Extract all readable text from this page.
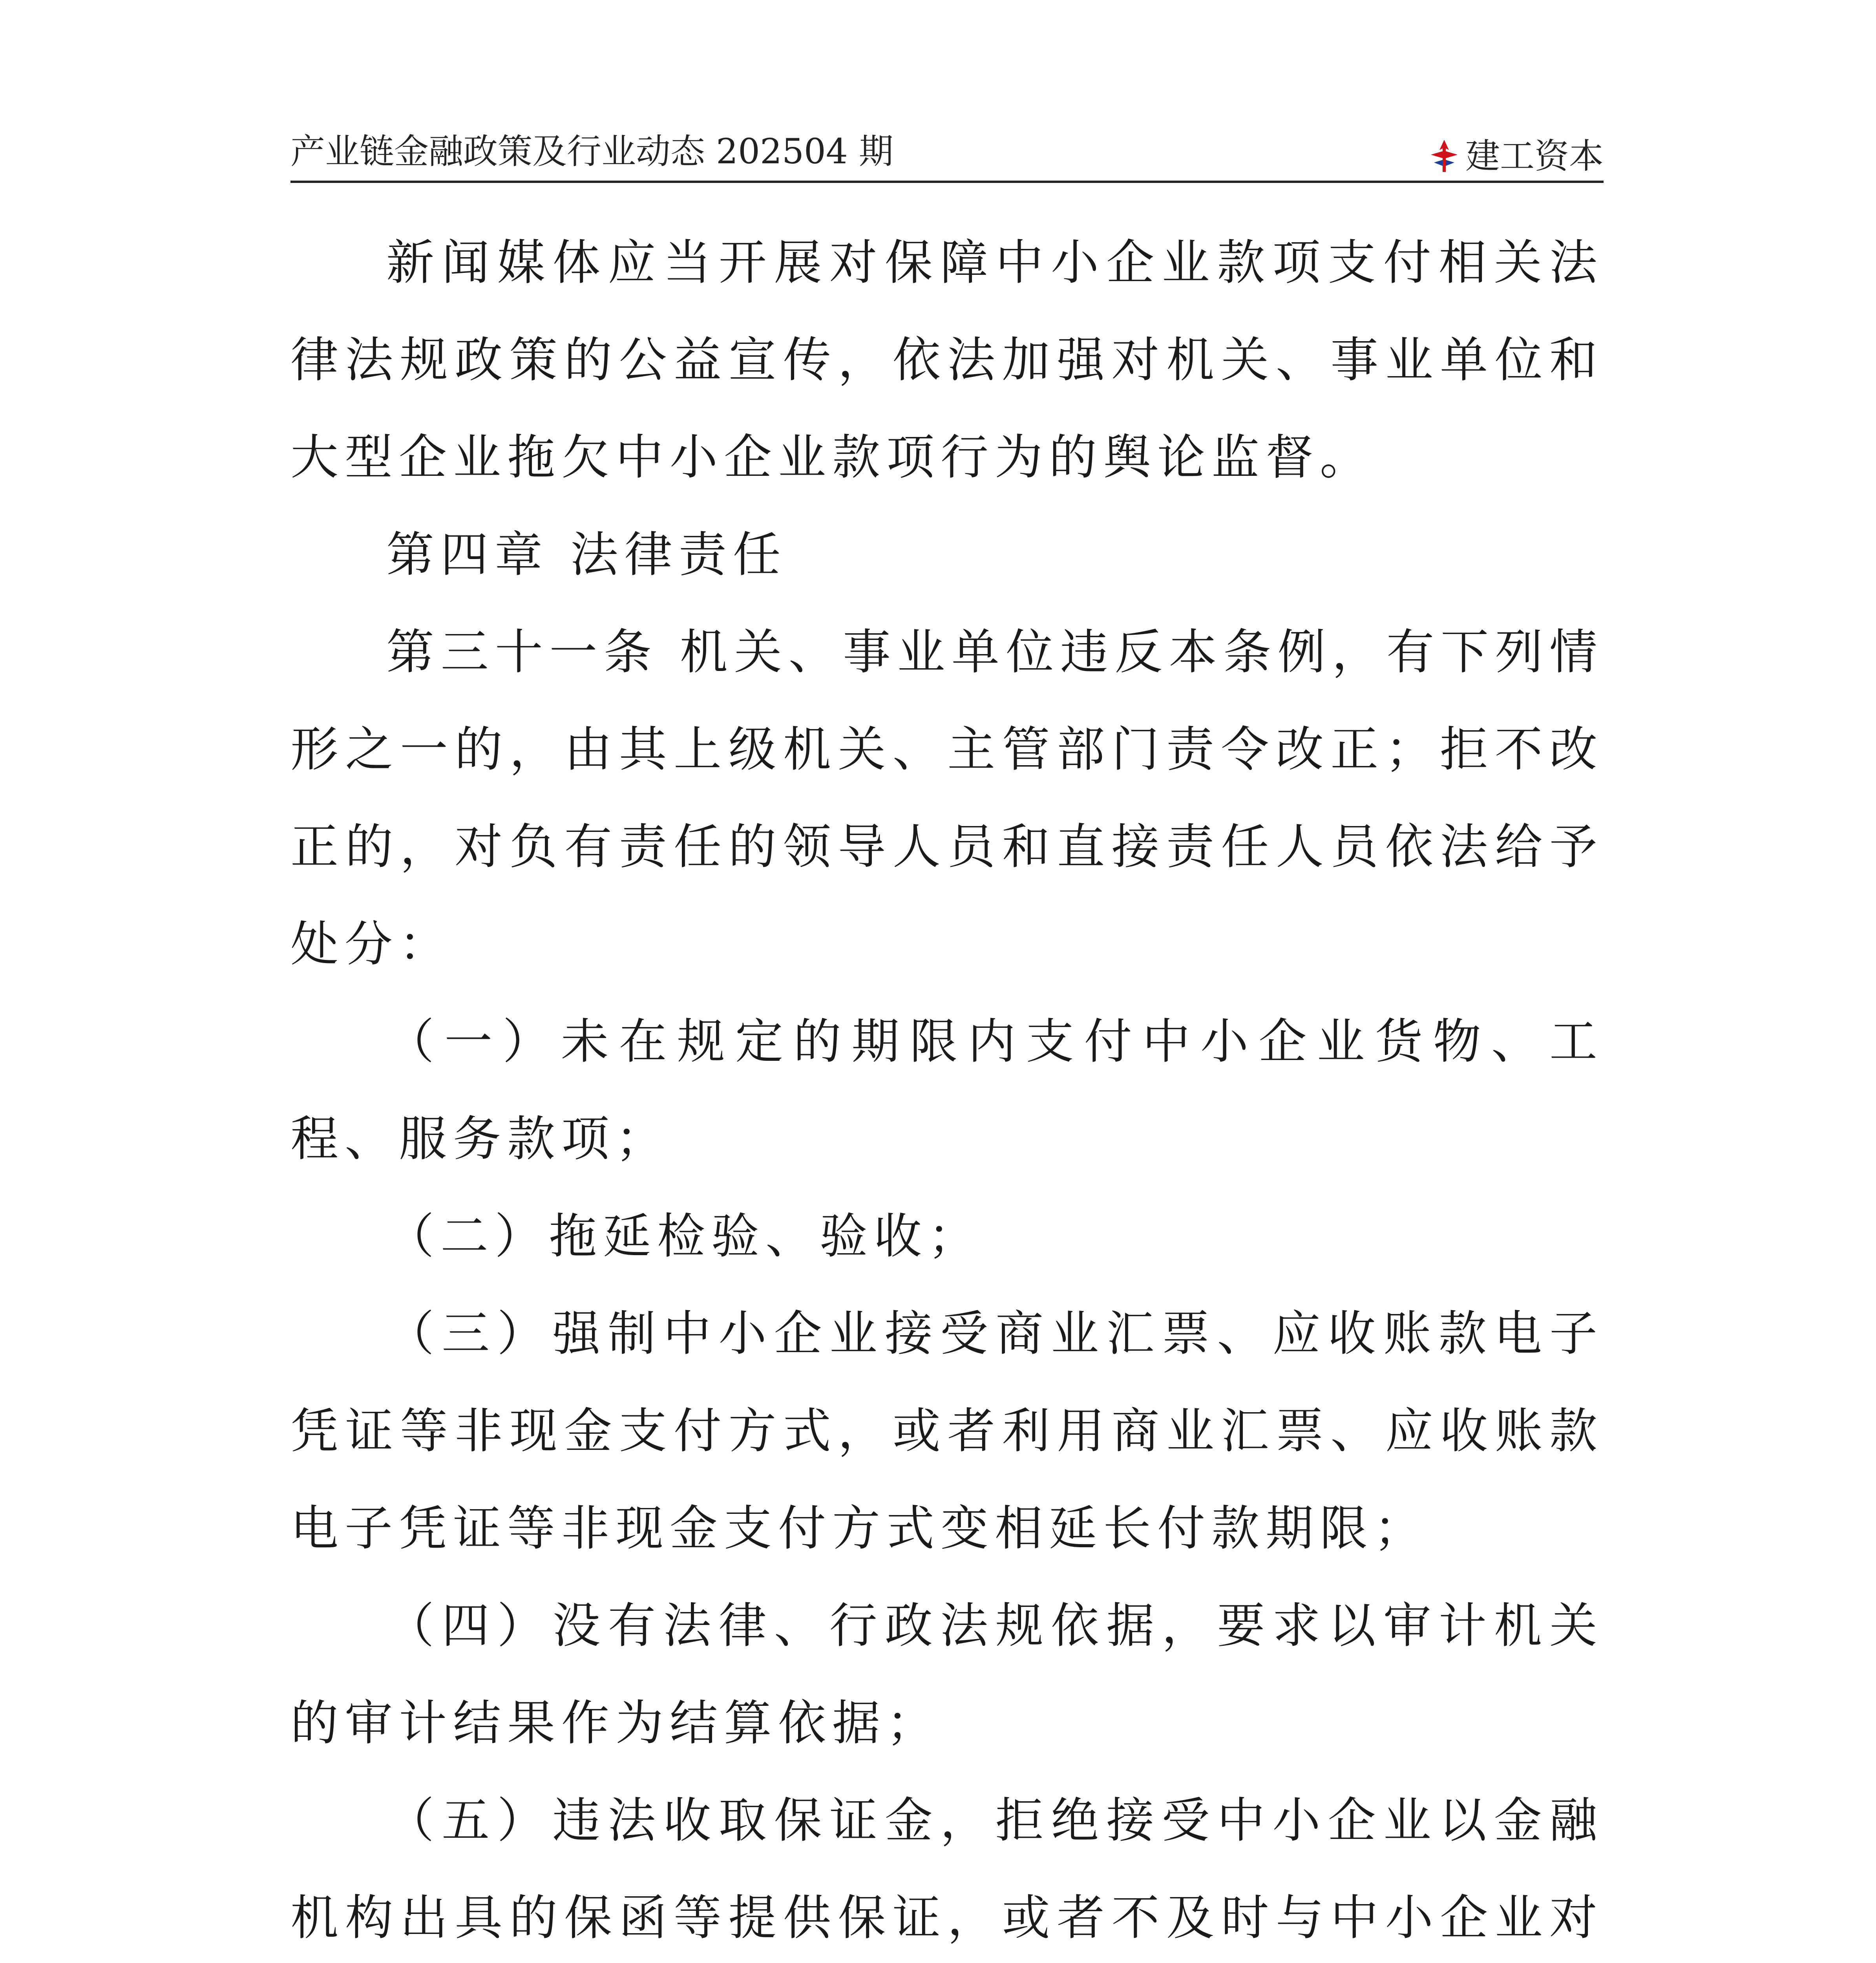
产业链金融政策及行业动态 202504 期	建工资本

新闻媒体应当开展对保障中小企业款项支付相关法律法规政策的公益宣传，依法加强对机关、事业单位和大型企业拖欠中小企业款项行为的舆论监督。

第四章 法律责任

第三十一条 机关、事业单位违反本条例，有下列情形之一的，由其上级机关、主管部门责令改正；拒不改正的，对负有责任的领导人员和直接责任人员依法给予处分：

（一）未在规定的期限内支付中小企业货物、工程、服务款项；

（二）拖延检验、验收；

（三）强制中小企业接受商业汇票、应收账款电子凭证等非现金支付方式，或者利用商业汇票、应收账款电子凭证等非现金支付方式变相延长付款期限；

（四）没有法律、行政法规依据，要求以审计机关的审计结果作为结算依据；

（五）违法收取保证金，拒绝接受中小企业以金融机构出具的保函等提供保证，或者不及时与中小企业对
